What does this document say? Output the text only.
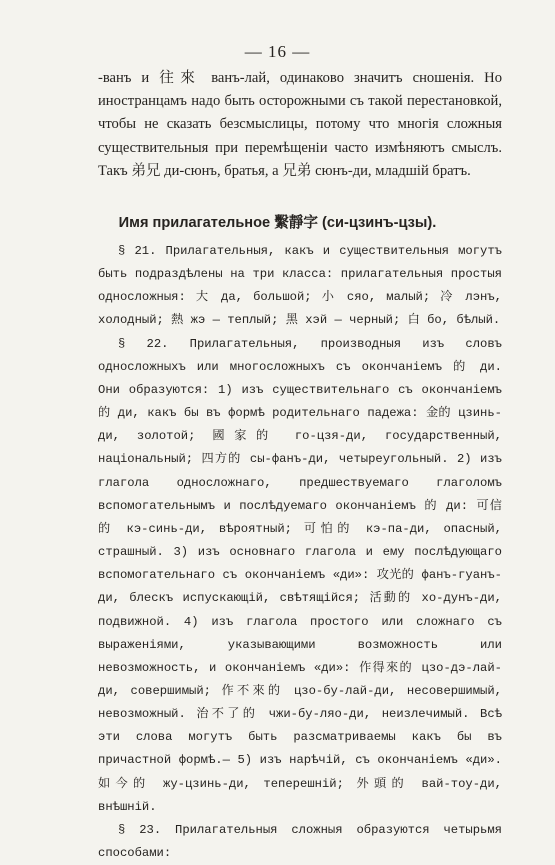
— 16 —

-ванъ и 往來 ванъ-лай, одинаково значитъ сношенія. Но иностранцамъ надо быть осторожными съ такой перестановкой, чтобы не сказать безсмыслицы, потому что многія сложныя существительныя при перемѣщеніи часто измѣняютъ смыслъ. Такъ 弟兄 ди-сюнъ, братья, а 兄弟 сюнъ-ди, младшій братъ.

Имя прилагательное 繫靜字 (си-цзинъ-цзы).

§ 21. Прилагательныя, какъ и существительныя могутъ быть подраздѣлены на три класса: прилагательныя простыя односложныя: 大 да, большой; 小 сяо, малый; 冷 лэнъ, холодный; 熱 жэ — теплый; 黑 хэй — черный; 白 бо, бѣлый.

§ 22. Прилагательныя, производныя изъ словъ односложныхъ или многосложныхъ съ окончаніемъ 的 ди. Они образуются: 1) изъ существительнаго съ окончаніемъ 的 ди, какъ бы въ формѣ родительнаго падежа: 金的 цзинь-ди, золотой; 國家的 го-цзя-ди, государственный, національный; 四方的 сы-фанъ-ди, четыреугольный. 2) изъ глагола односложнаго, предшествуемаго глаголомъ вспомогательнымъ и послѣдуемаго окончаніемъ 的 ди: 可信的 кэ-синь-ди, вѣроятный; 可怕的 кэ-па-ди, опасный, страшный. 3) изъ основнаго глагола и ему послѣдующаго вспомогательнаго съ окончаніемъ «ди»: 攻光的 фанъ-гуанъ-ди, блескъ испускающій, свѣтящійся; 活動的 хо-дунъ-ди, подвижной. 4) изъ глагола простого или сложнаго съ выраженіями, указывающими возможность или невозможность, и окончаніемъ «ди»: 作得來的 цзо-дэ-лай-ди, совершимый; 作不來的 цзо-бу-лай-ди, несовершимый, невозможный. 治不了的 чжи-бу-ляо-ди, неизлечимый. Всѣ эти слова могутъ быть разсматриваемы какъ бы въ причастной формѣ.— 5) изъ нарѣчій, съ окончаніемъ «ди». 如今的 жу-цзинь-ди, теперешній; 外頭的 вай-тоу-ди, внѣшній.

§ 23. Прилагательныя сложныя образуются четырьмя способами:
